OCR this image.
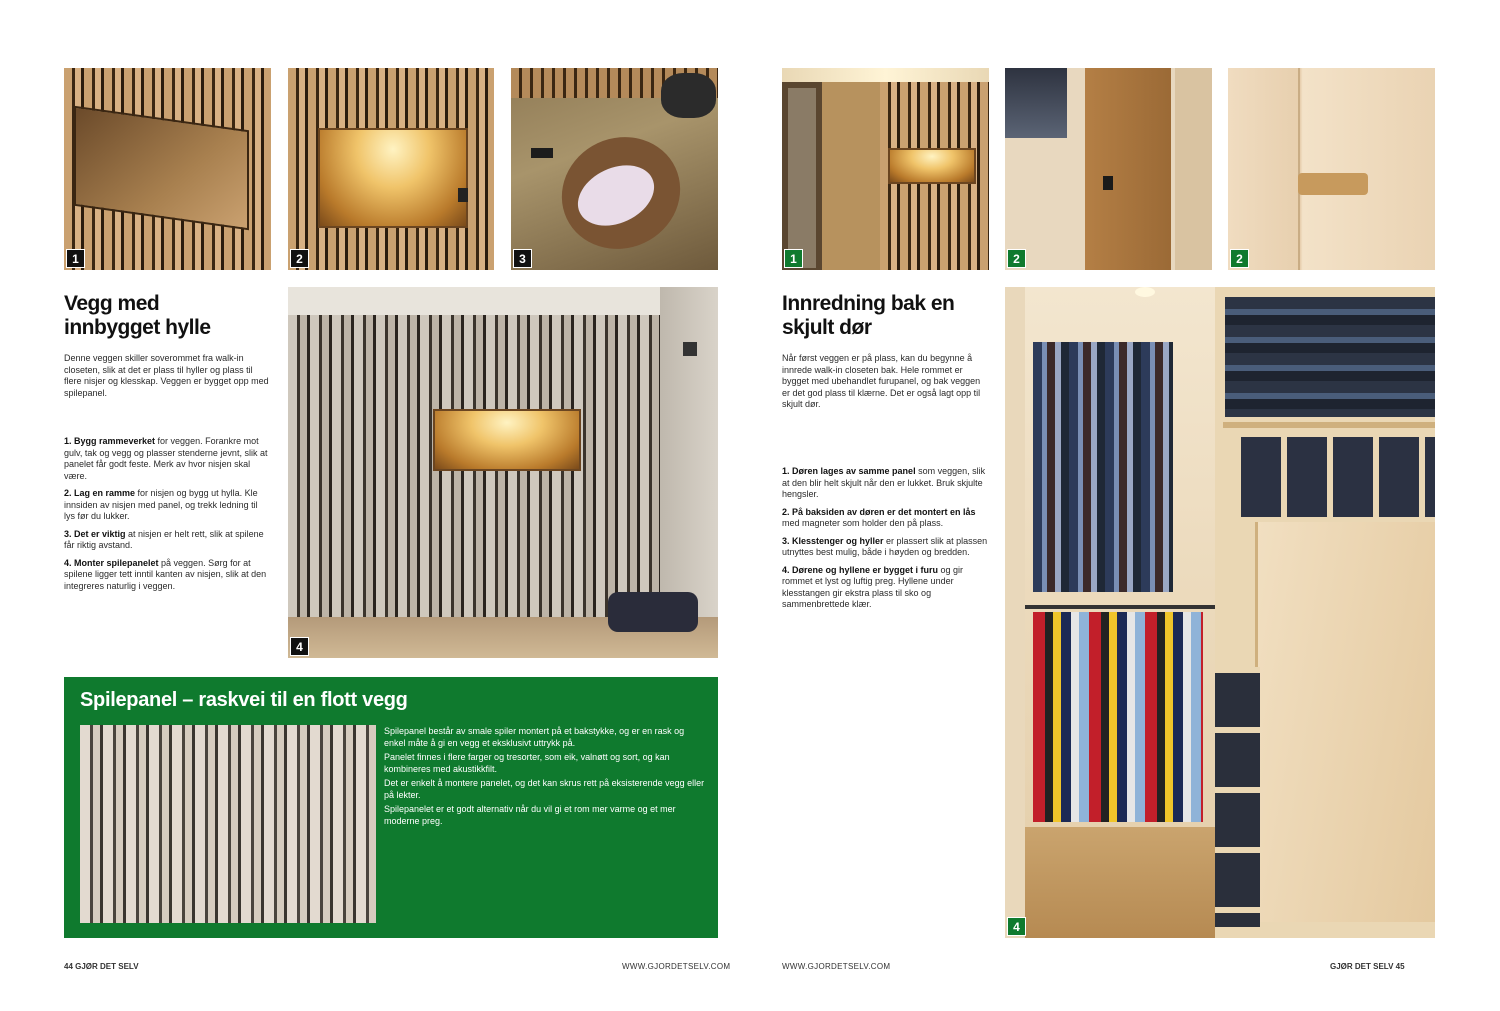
1	2	3
Vegg med
innbygget hylle

Denne veggen skiller soverommet fra walk-in closeten, slik at det er plass til hyller og plass til flere nisjer og klesskap. Veggen er bygget opp med spilepanel.

1. Bygg rammeverket for veggen. Forankre mot gulv, tak og vegg og plasser stenderne jevnt, slik at panelet får godt feste. Merk av hvor nisjen skal være.
2. Lag en ramme for nisjen og bygg ut hylla. Kle innsiden av nisjen med panel, og trekk ledning til lys før du lukker.
3. Det er viktig at nisjen er helt rett, slik at spilene får riktig avstand.
4. Monter spilepanelet på veggen. Sørg for at spilene ligger tett inntil kanten av nisjen, slik at den integreres naturlig i veggen.
4
Spilepanel – raskvei til en flott vegg

Spilepanel består av smale spiler montert på et bakstykke, og er en rask og enkel måte å gi en vegg et eksklusivt uttrykk på.

Panelet finnes i flere farger og tresorter, som eik, valnøtt og sort, og kan kombineres med akustikkfilt.

Det er enkelt å montere panelet, og det kan skrus rett på eksisterende vegg eller på lekter.

Spilepanelet er et godt alternativ når du vil gi et rom mer varme og et mer moderne preg.

44 GJØR DET SELV	WWW.GJORDETSELV.COM
1	2	2
Innredning bak en
skjult dør

Når først veggen er på plass, kan du begynne å innrede walk-in closeten bak. Hele rommet er bygget med ubehandlet furupanel, og bak veggen er det god plass til klærne. Det er også lagt opp til skjult dør.

1. Døren lages av samme panel som veggen, slik at den blir helt skjult når den er lukket. Bruk skjulte hengsler.
2. På baksiden av døren er det montert en lås med magneter som holder den på plass.
3. Klesstenger og hyller er plassert slik at plassen utnyttes best mulig, både i høyden og bredden.
4. Dørene og hyllene er bygget i furu og gir rommet et lyst og luftig preg. Hyllene under klesstangen gir ekstra plass til sko og sammenbrettede klær.
4
WWW.GJORDETSELV.COM	GJØR DET SELV 45
